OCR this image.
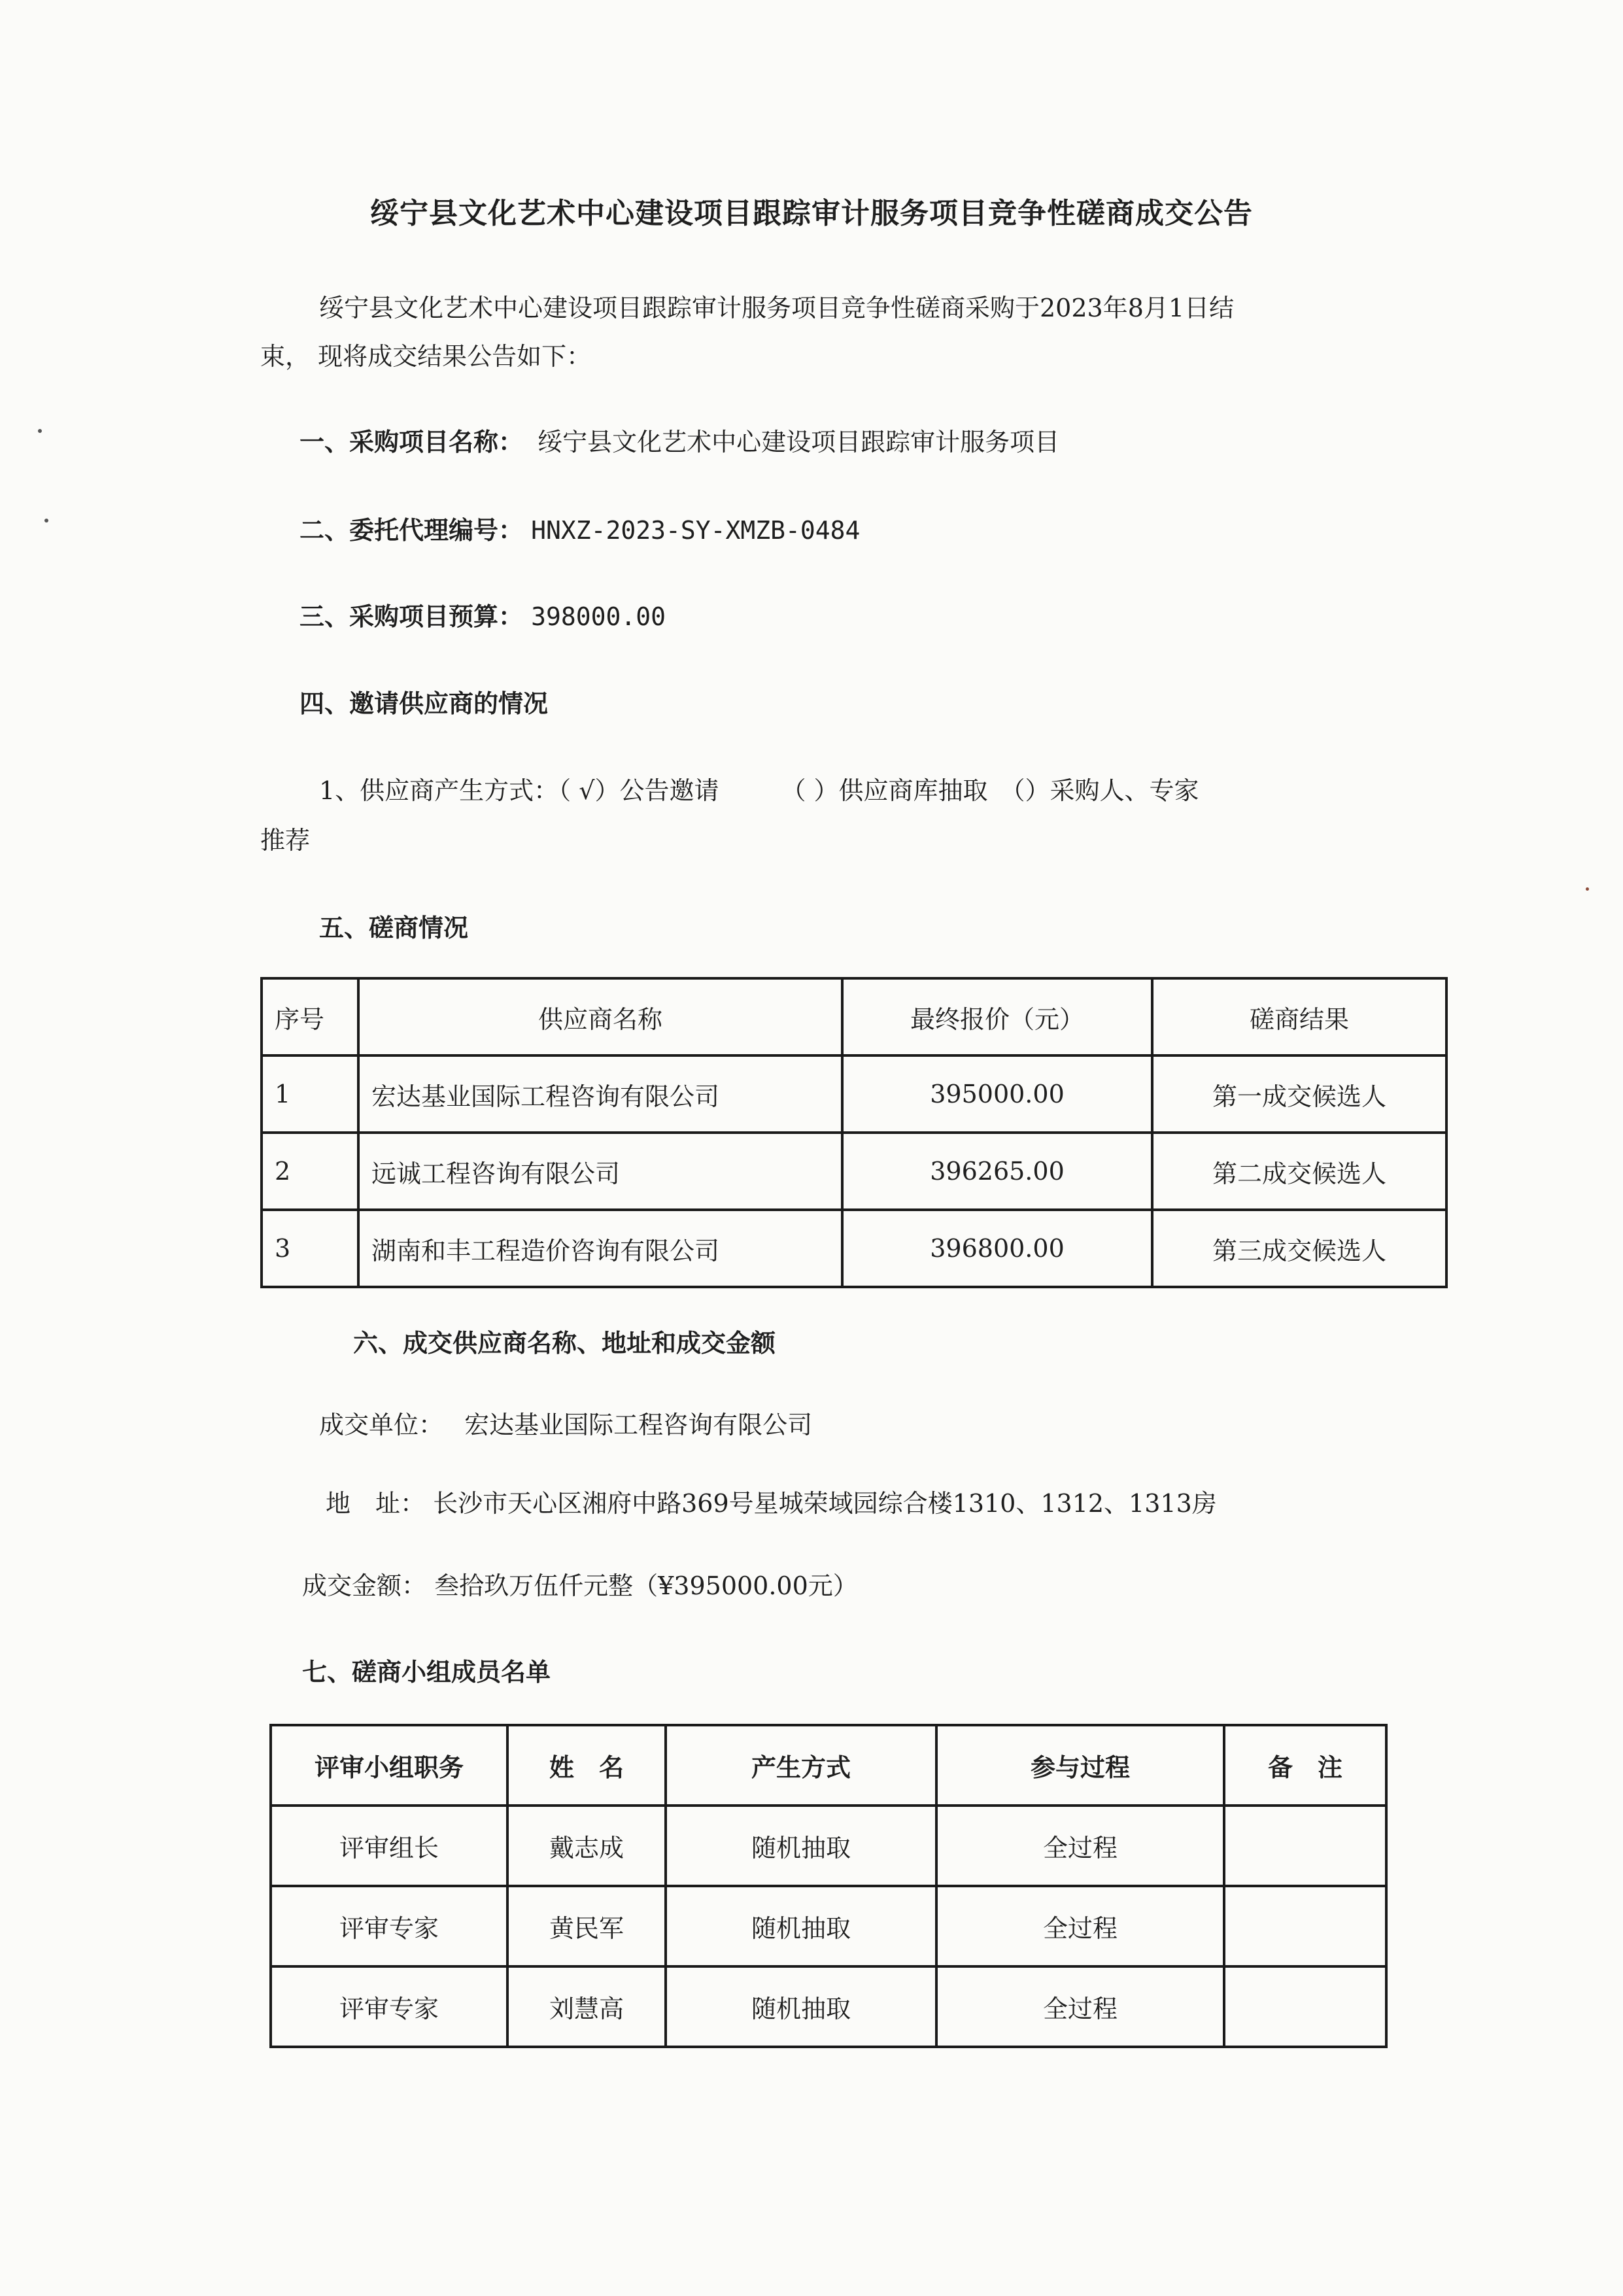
绥宁县文化艺术中心建设项目跟踪审计服务项目竞争性磋商成交公告
绥宁县文化艺术中心建设项目跟踪审计服务项目竞争性磋商采购于2023年8月1日结
束， 现将成交结果公告如下：
一、采购项目名称： 绥宁县文化艺术中心建设项目跟踪审计服务项目
二、委托代理编号： HNXZ-2023-SY-XMZB-0484
三、采购项目预算： 398000.00
四、邀请供应商的情况
1、供应商产生方式：（ √）公告邀请　　　（ ）供应商库抽取　（）采购人、专家
推荐
五、磋商情况
序号	供应商名称	最终报价（元）	磋商结果
1	宏达基业国际工程咨询有限公司	395000.00	第一成交候选人
2	远诚工程咨询有限公司	396265.00	第二成交候选人
3	湖南和丰工程造价咨询有限公司	396800.00	第三成交候选人
六、成交供应商名称、地址和成交金额
成交单位： 宏达基业国际工程咨询有限公司
地　址： 长沙市天心区湘府中路369号星城荣域园综合楼1310、1312、1313房
成交金额： 叁拾玖万伍仟元整（¥395000.00元）
七、磋商小组成员名单
评审小组职务	姓　名	产生方式	参与过程	备　注
评审组长	戴志成	随机抽取	全过程	
评审专家	黄民军	随机抽取	全过程	
评审专家	刘慧高	随机抽取	全过程	
